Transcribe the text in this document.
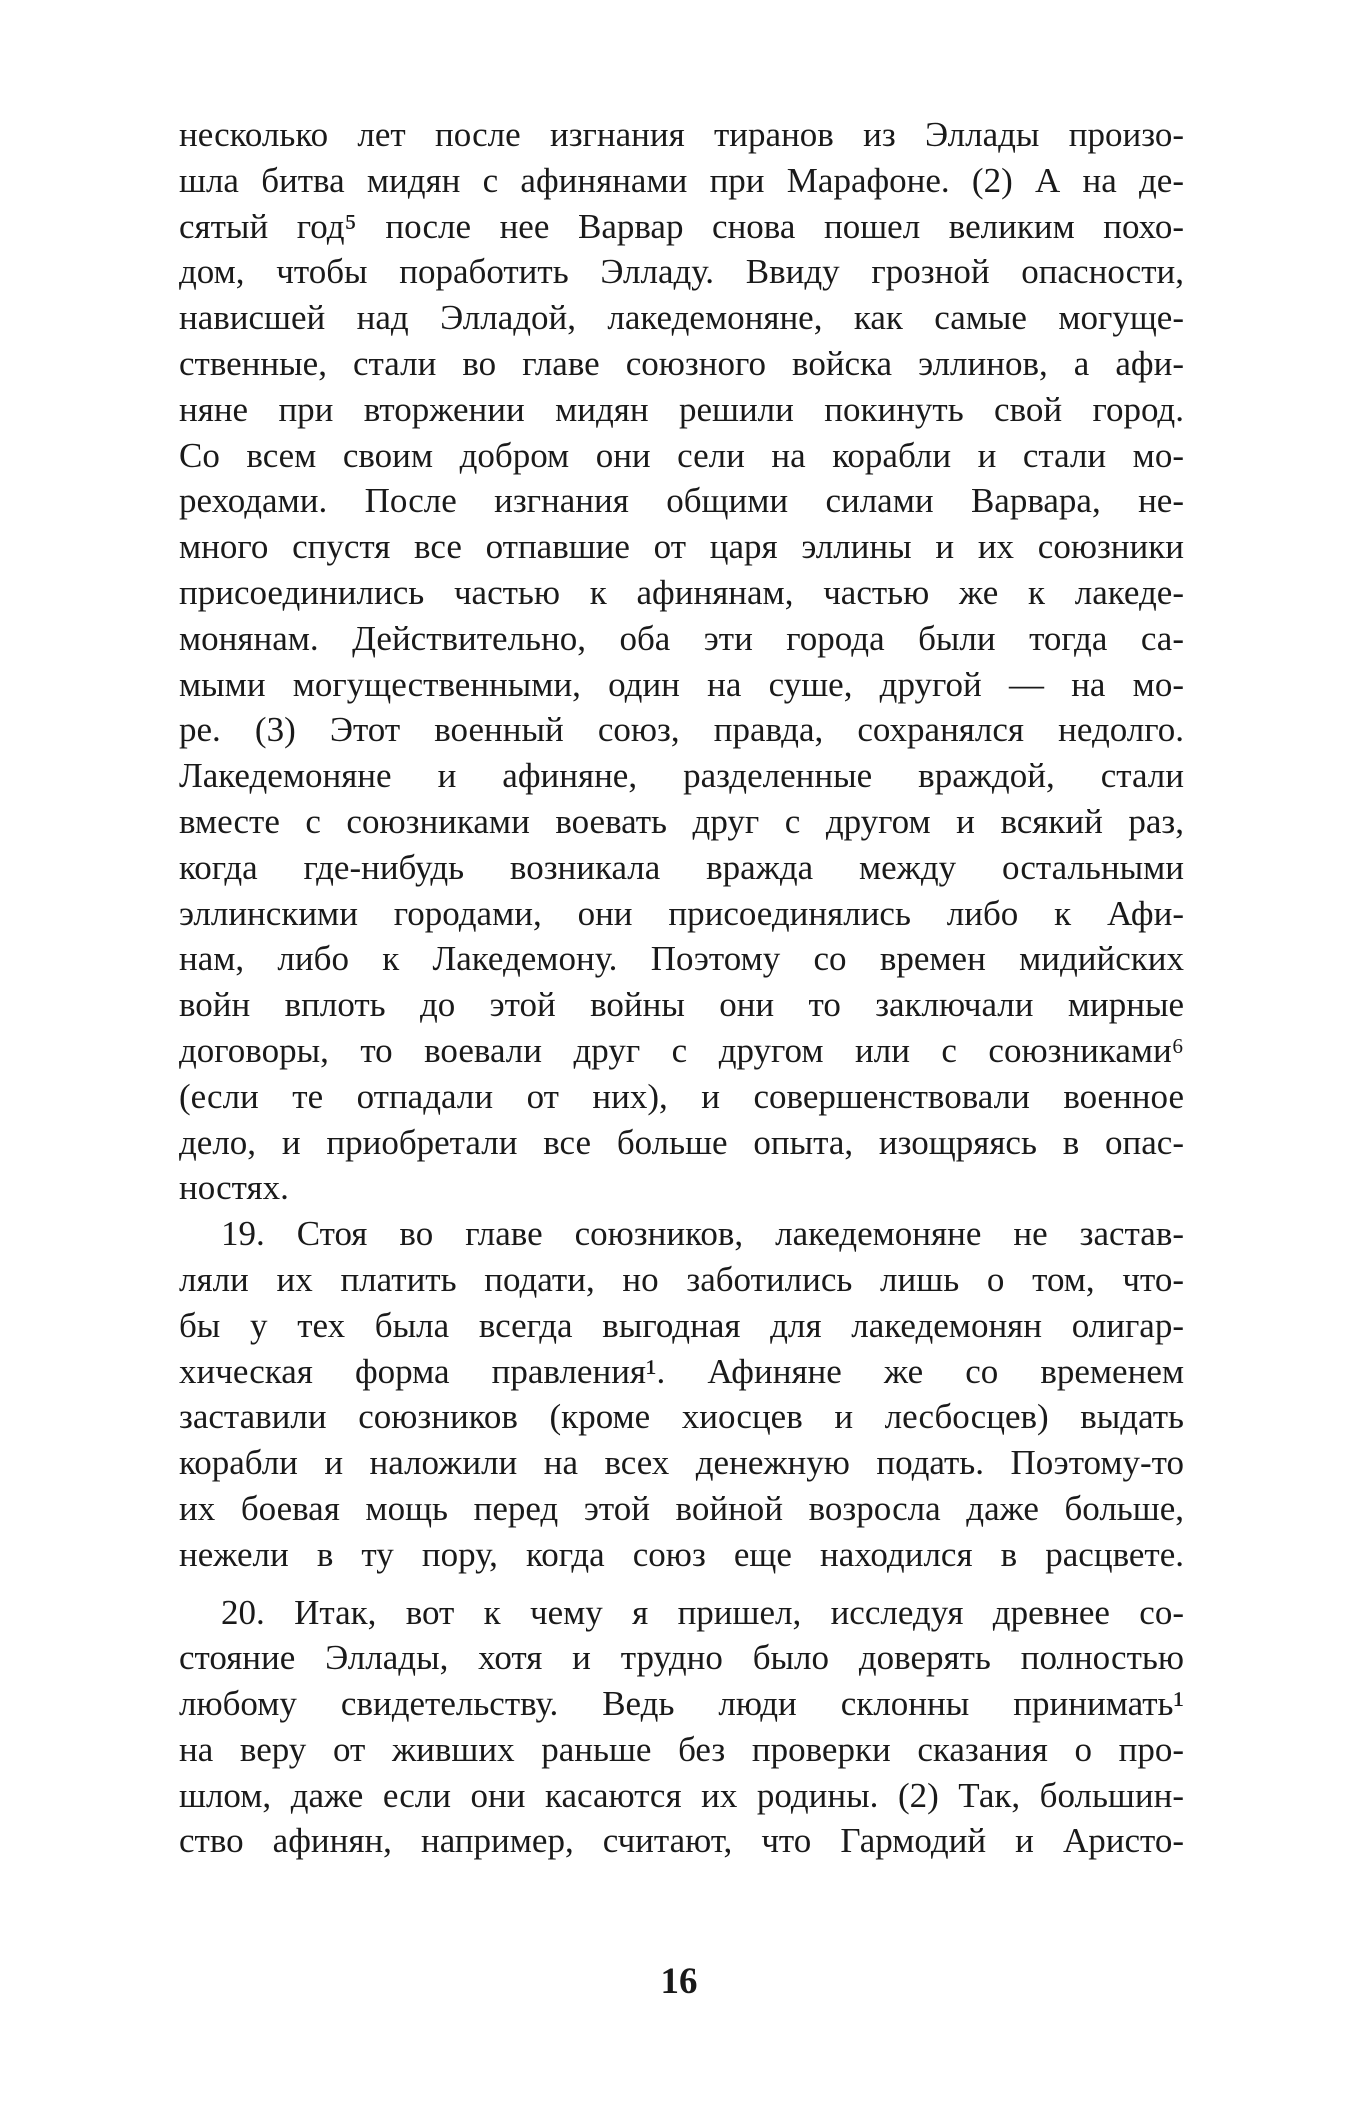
несколько лет после изгнания тиранов из Эллады произо-
шла битва мидян с афинянами при Марафоне. (2) А на де-
сятый год⁵ после нее Варвар снова пошел великим похо-
дом, чтобы поработить Элладу. Ввиду грозной опасности,
нависшей над Элладой, лакедемоняне, как самые могуще-
ственные, стали во главе союзного войска эллинов, а афи-
няне при вторжении мидян решили покинуть свой город.
Со всем своим добром они сели на корабли и стали мо-
реходами. После изгнания общими силами Варвара, не-
много спустя все отпавшие от царя эллины и их союзники
присоединились частью к афинянам, частью же к лакеде-
монянам. Действительно, оба эти города были тогда са-
мыми могущественными, один на суше, другой — на мо-
ре. (3) Этот военный союз, правда, сохранялся недолго.
Лакедемоняне и афиняне, разделенные враждой, стали
вместе с союзниками воевать друг с другом и всякий раз,
когда где-нибудь возникала вражда между остальными
эллинскими городами, они присоединялись либо к Афи-
нам, либо к Лакедемону. Поэтому со времен мидийских
войн вплоть до этой войны они то заключали мирные
договоры, то воевали друг с другом или с союзниками⁶
(если те отпадали от них), и совершенствовали военное
дело, и приобретали все больше опыта, изощряясь в опас-
ностях.
19. Стоя во главе союзников, лакедемоняне не застав-
ляли их платить подати, но заботились лишь о том, что-
бы у тех была всегда выгодная для лакедемонян олигар-
хическая форма правления¹. Афиняне же со временем
заставили союзников (кроме хиосцев и лесбосцев) выдать
корабли и наложили на всех денежную подать. Поэтому-то
их боевая мощь перед этой войной возросла даже больше,
нежели в ту пору, когда союз еще находился в расцвете.
20. Итак, вот к чему я пришел, исследуя древнее со-
стояние Эллады, хотя и трудно было доверять полностью
любому свидетельству. Ведь люди склонны принимать¹
на веру от живших раньше без проверки сказания о про-
шлом, даже если они касаются их родины. (2) Так, большин-
ство афинян, например, считают, что Гармодий и Аристо-
16
